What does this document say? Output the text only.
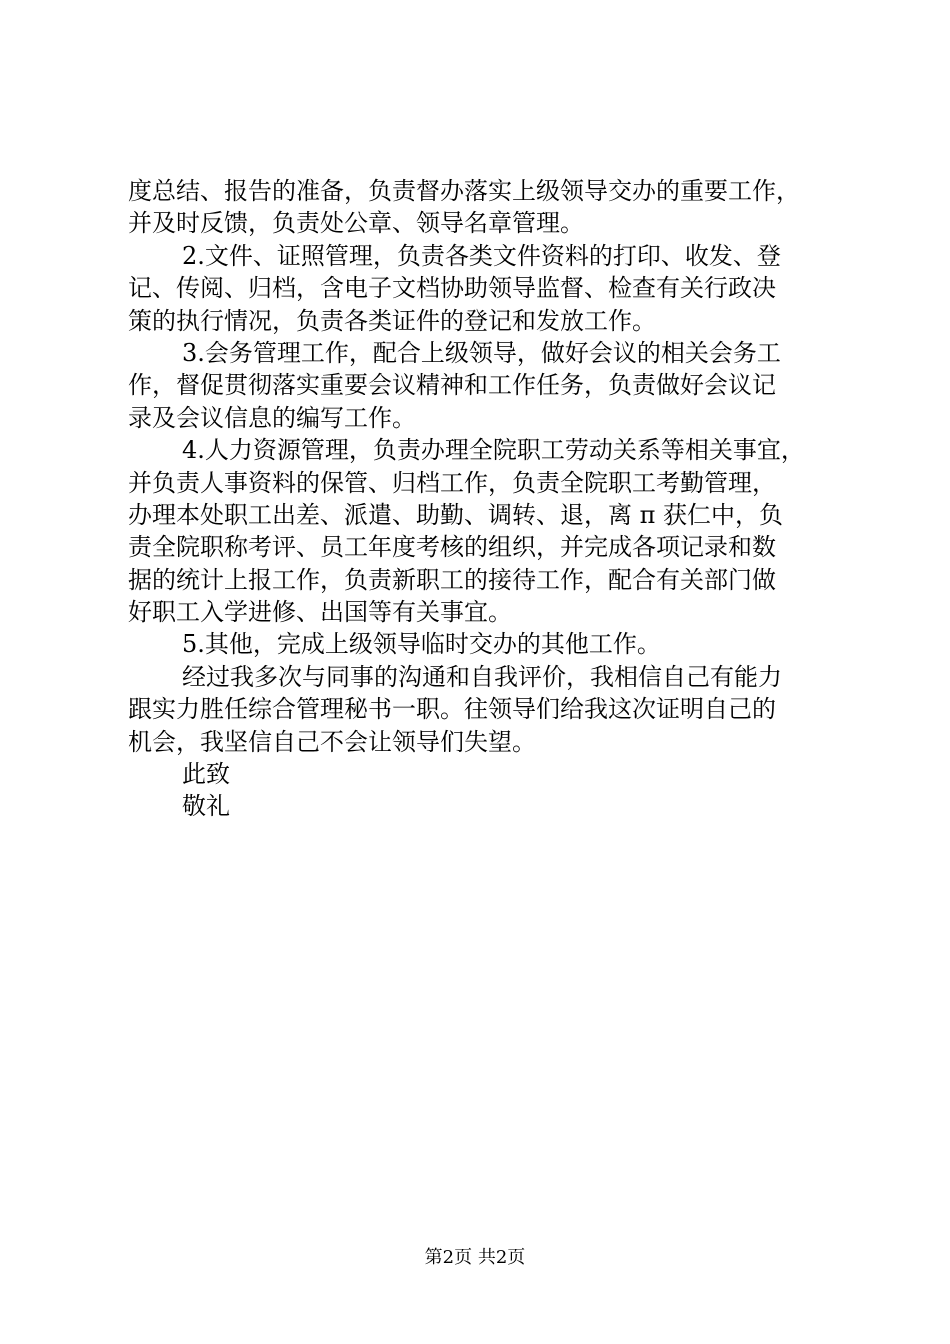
度总结、报告的准备，负责督办落实上级领导交办的重要工作，
并及时反馈，负责处公章、领导名章管理。
2.文件、证照管理，负责各类文件资料的打印、收发、登
记、传阅、归档，含电子文档协助领导监督、检查有关行政决
策的执行情况，负责各类证件的登记和发放工作。
3.会务管理工作，配合上级领导，做好会议的相关会务工
作，督促贯彻落实重要会议精神和工作任务，负责做好会议记
录及会议信息的编写工作。
4.人力资源管理，负责办理全院职工劳动关系等相关事宜，
并负责人事资料的保管、归档工作，负责全院职工考勤管理，
办理本处职工出差、派遣、助勤、调转、退，离 π 获仁中，负
责全院职称考评、员工年度考核的组织，并完成各项记录和数
据的统计上报工作，负责新职工的接待工作，配合有关部门做
好职工入学进修、出国等有关事宜。
5.其他，完成上级领导临时交办的其他工作。
经过我多次与同事的沟通和自我评价，我相信自己有能力
跟实力胜任综合管理秘书一职。往领导们给我这次证明自己的
机会，我坚信自己不会让领导们失望。
此致
敬礼
第2页 共2页
